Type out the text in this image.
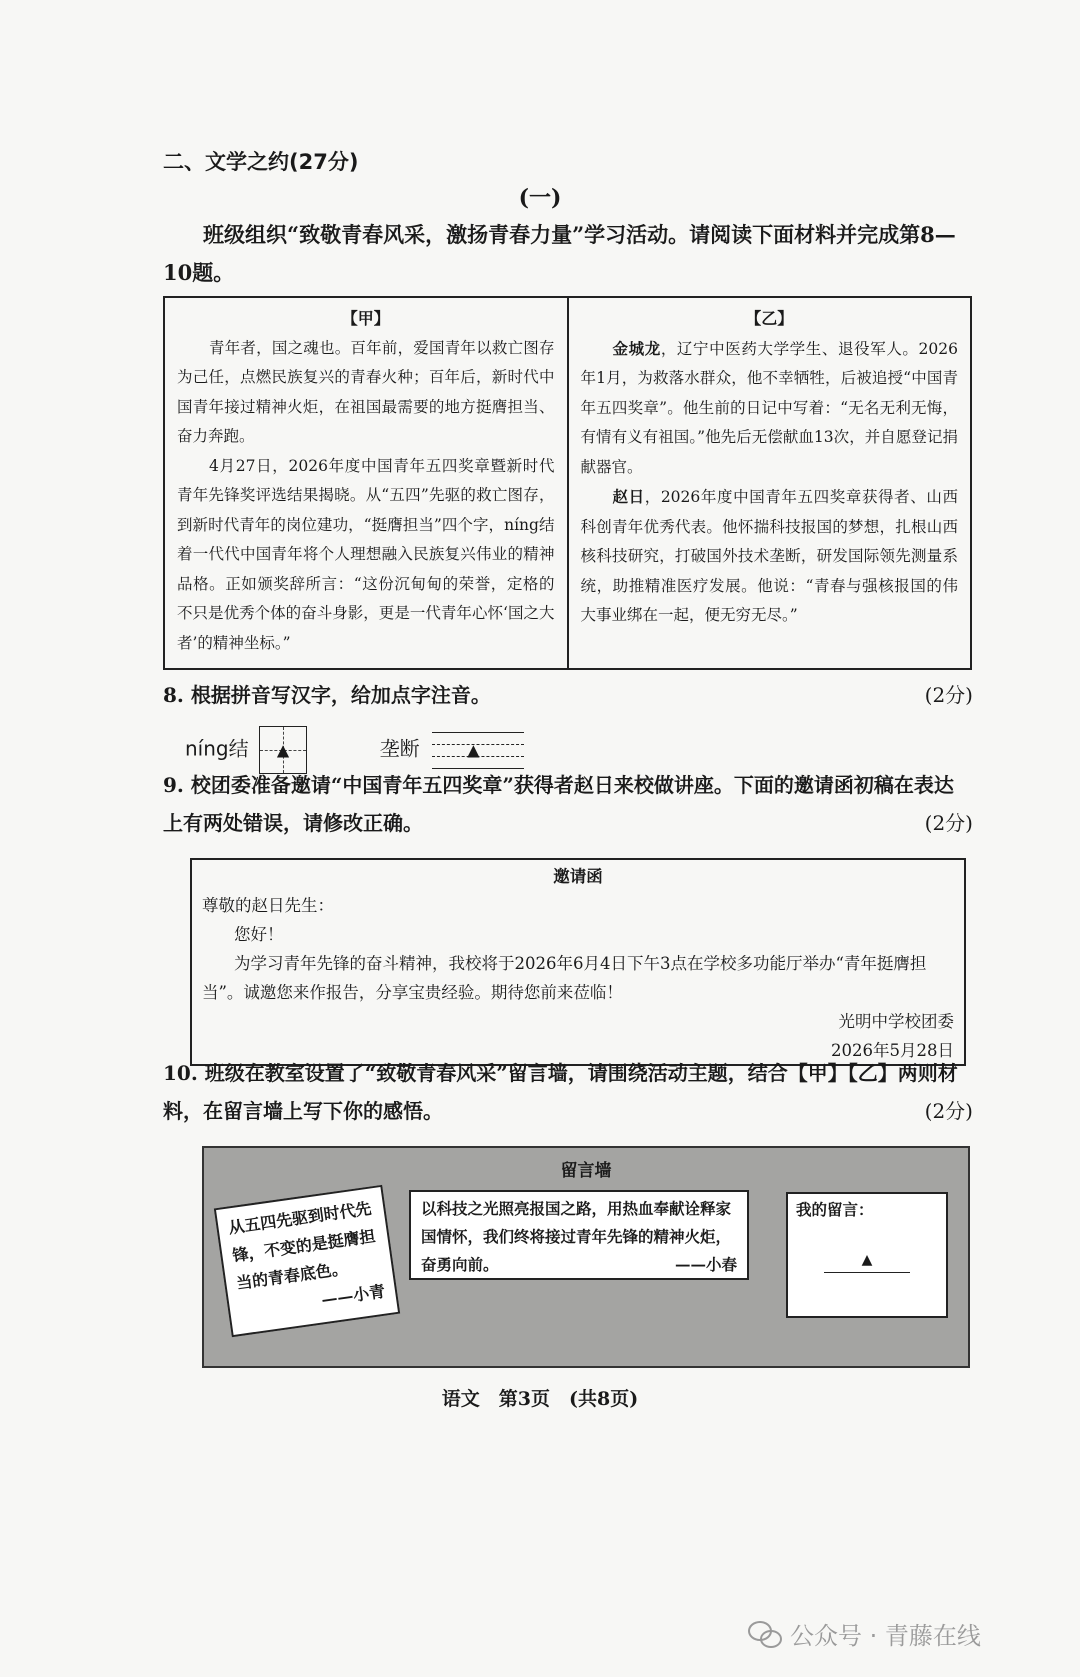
二、文学之约(27分)
(一)
班级组织“致敬青春风采，激扬青春力量”学习活动。请阅读下面材料并完成第8—10题。
【甲】

青年者，国之魂也。百年前，爱国青年以救亡图存为己任，点燃民族复兴的青春火种；百年后，新时代中国青年接过精神火炬，在祖国最需要的地方挺膺担当、奋力奔跑。

4月27日，2026年度中国青年五四奖章暨新时代青年先锋奖评选结果揭晓。从“五四”先驱的救亡图存，到新时代青年的岗位建功，“挺膺担当”四个字，níng结着一代代中国青年将个人理想融入民族复兴伟业的精神品格。正如颁奖辞所言：“这份沉甸甸的荣誉，定格的不只是优秀个体的奋斗身影，更是一代青年心怀‘国之大者’的精神坐标。”

【乙】

金城龙，辽宁中医药大学学生、退役军人。2026年1月，为救落水群众，他不幸牺牲，后被追授“中国青年五四奖章”。他生前的日记中写着：“无名无利无悔，有情有义有祖国。”他先后无偿献血13次，并自愿登记捐献器官。

赵日，2026年度中国青年五四奖章获得者、山西科创青年优秀代表。他怀揣科技报国的梦想，扎根山西核科技研究，打破国外技术垄断，研发国际领先测量系统，助推精准医疗发展。他说：“青春与强核报国的伟大事业绑在一起，便无穷无尽。”

8. 根据拼音写汉字，给加点字注音。	(2分)
níng结 ▲	垄断	▲
9. 校团委准备邀请“中国青年五四奖章”获得者赵日来校做讲座。下面的邀请函初稿在表达上有两处错误，请修改正确。	(2分)
邀请函
尊敬的赵日先生：
您好！
为学习青年先锋的奋斗精神，我校将于2026年6月4日下午3点在学校多功能厅举办“青年挺膺担当”。诚邀您来作报告，分享宝贵经验。期待您前来莅临！
光明中学校团委
2026年5月28日
10. 班级在教室设置了“致敬青春风采”留言墙，请围绕活动主题，结合【甲】【乙】两则材料，在留言墙上写下你的感悟。	(2分)
留言墙
从五四先驱到时代先锋，不变的是挺膺担当的青春底色。
——小青
以科技之光照亮报国之路，用热血奉献诠释家国情怀，我们终将接过青年先锋的精神火炬，奋勇向前。	——小春
我的留言：
▲
语文　第3页　(共8页)
公众号 · 青藤在线
